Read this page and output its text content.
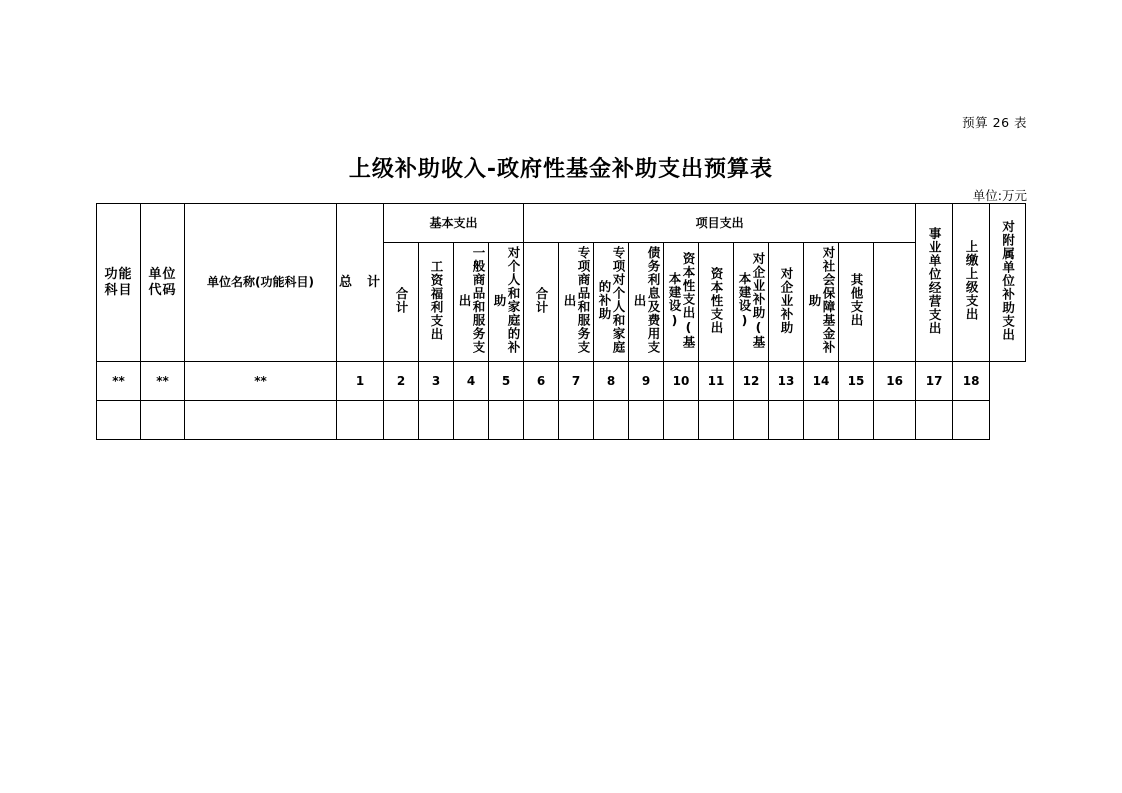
预算 26 表
上级补助收入-政府性基金补助支出预算表
单位:万元
功能科目	单位代码	单位名称(功能科目)	总　计	基本支出				项目支出											事业单位经营支出	上缴上级支出	对附属单位补助支出
				合计	工资福利支出	一般商品和服务支出	对个人和家庭的补助	合计	专项商品和服务支出	专项对个人和家庭的补助	债务利息及费用支出	资本性支出(基本建设)	资本性支出	对企业补助(基本建设)	对企业补助	对社会保障基金补助	其他支出				
**	**	**	1	2	3	4	5	6	7	8	9	10	11	12	13	14	15	16	17	18	
